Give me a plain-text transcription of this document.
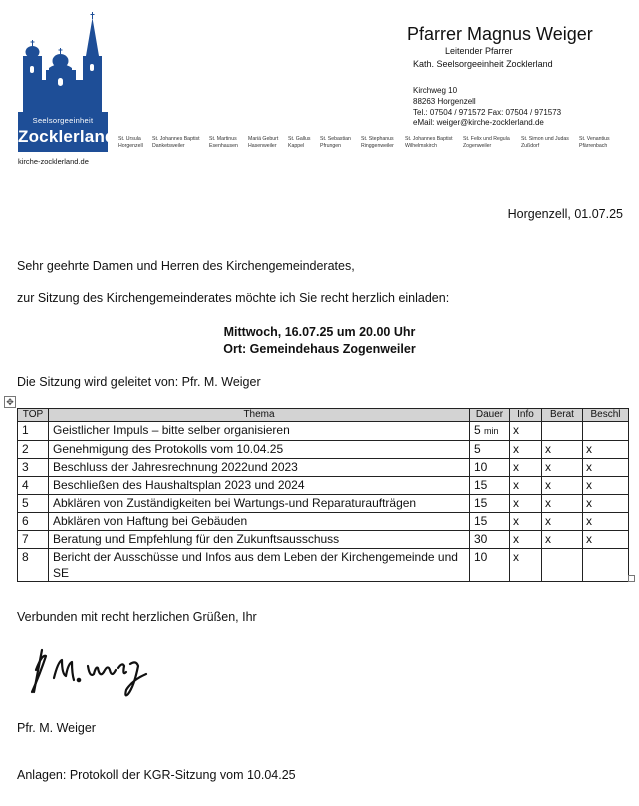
Seelsorgeeinheit
Zocklerland
kirche-zocklerland.de
St. Ursula
Horgenzell
St. Johannes Baptist
Danketsweiler
St. Martinus
Esenhausen
Mariä Geburt
Hasenweiler
St. Gallus
Kappel
St. Sebastian
Pfrungen
St. Stephanus
Ringgenweiler
St. Johannes Baptist
Wilhelmskirch
St. Felix und Regula
Zogenweiler
St. Simon und Judas
Zußdorf
St. Venantius
Pfärrenbach
Pfarrer Magnus Weiger
Leitender Pfarrer
Kath. Seelsorgeeinheit Zocklerland
Kirchweg 10
88263 Horgenzell
Tel.: 07504 / 971572 Fax: 07504 / 971573
eMail: weiger@kirche-zocklerland.de
Horgenzell, 01.07.25
Sehr geehrte Damen und Herren des Kirchengemeinderates,
zur Sitzung des Kirchengemeinderates möchte ich Sie recht herzlich einladen:
Mittwoch, 16.07.25 um 20.00 Uhr
Ort: Gemeindehaus Zogenweiler
Die Sitzung wird geleitet von: Pfr. M. Weiger
✥
TOP	Thema	Dauer	Info	Berat	Beschl
1	Geistlicher Impuls – bitte selber organisieren	5 min	x		
2	Genehmigung des Protokolls vom 10.04.25	5	x	x	x
3	Beschluss der Jahresrechnung 2022und 2023	10	x	x	x
4	Beschließen des Haushaltsplan 2023 und 2024	15	x	x	x
5	Abklären von Zuständigkeiten bei Wartungs-und Reparaturaufträgen	15	x	x	x
6	Abklären von Haftung bei Gebäuden	15	x	x	x
7	Beratung und Empfehlung für den Zukunftsausschuss	30	x	x	x
8	Bericht der Ausschüsse und Infos aus dem Leben der Kirchengemeinde und SE	10	x		
Verbunden mit recht herzlichen Grüßen, Ihr
Pfr. M. Weiger
Anlagen: Protokoll der KGR-Sitzung vom 10.04.25
